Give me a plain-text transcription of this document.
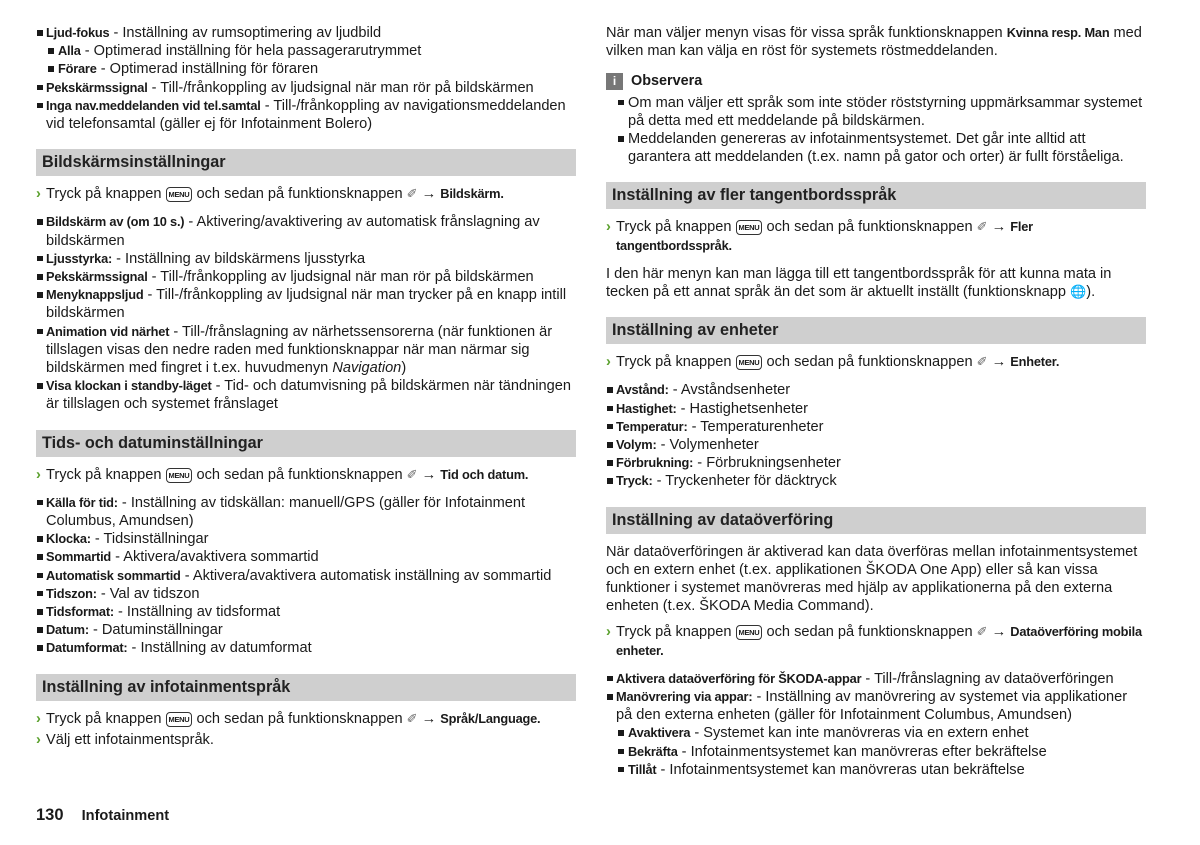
Ljud-fokus - Inställning av rumsoptimering av ljudbild
Alla - Optimerad inställning för hela passagerarutrymmet
Förare - Optimerad inställning för föraren
Pekskärmssignal - Till-/frånkoppling av ljudsignal när man rör på bildskärmen
Inga nav.meddelanden vid tel.samtal - Till-/frånkoppling av navigationsmeddelanden vid telefonsamtal (gäller ej för Infotainment Bolero)
Bildskärmsinställningar
› Tryck på knappen MENU och sedan på funktionsknappen ✐ → Bildskärm.
Bildskärm av (om 10 s.) - Aktivering/avaktivering av automatisk frånslagning av bildskärmen
Ljusstyrka: - Inställning av bildskärmens ljusstyrka
Pekskärmssignal - Till-/frånkoppling av ljudsignal när man rör på bildskärmen
Menyknappsljud - Till-/frånkoppling av ljudsignal när man trycker på en knapp intill bildskärmen
Animation vid närhet - Till-/frånslagning av närhetssensorerna (när funktionen är tillslagen visas den nedre raden med funktionsknappar när man närmar sig bildskärmen med fingret i t.ex. huvudmenyn Navigation)
Visa klockan i standby-läget - Tid- och datumvisning på bildskärmen när tändningen är tillslagen och systemet frånslaget
Tids- och datuminställningar
› Tryck på knappen MENU och sedan på funktionsknappen ✐ → Tid och datum.
Källa för tid: - Inställning av tidskällan: manuell/GPS (gäller för Infotainment Columbus, Amundsen)
Klocka: - Tidsinställningar
Sommartid - Aktivera/avaktivera sommartid
Automatisk sommartid - Aktivera/avaktivera automatisk inställning av sommartid
Tidszon: - Val av tidszon
Tidsformat: - Inställning av tidsformat
Datum: - Datuminställningar
Datumformat: - Inställning av datumformat
Inställning av infotainmentspråk
› Tryck på knappen MENU och sedan på funktionsknappen ✐ → Språk/Language.
› Välj ett infotainmentspråk.
När man väljer menyn visas för vissa språk funktionsknappen Kvinna resp. Man med vilken man kan välja en röst för systemets röstmeddelanden.
i	Observera
Om man väljer ett språk som inte stöder röststyrning uppmärksammar systemet på detta med ett meddelande på bildskärmen.
Meddelanden genereras av infotainmentsystemet. Det går inte alltid att garantera att meddelanden (t.ex. namn på gator och orter) är fullt förståeliga.
Inställning av fler tangentbordsspråk
› Tryck på knappen MENU och sedan på funktionsknappen ✐ → Fler tangentbordsspråk.
I den här menyn kan man lägga till ett tangentbordsspråk för att kunna mata in tecken på ett annat språk än det som är aktuellt inställt (funktionsknapp 🌐).
Inställning av enheter
› Tryck på knappen MENU och sedan på funktionsknappen ✐ → Enheter.
Avstånd: - Avståndsenheter
Hastighet: - Hastighetsenheter
Temperatur: - Temperaturenheter
Volym: - Volymenheter
Förbrukning: - Förbrukningsenheter
Tryck: - Tryckenheter för däcktryck
Inställning av dataöverföring
När dataöverföringen är aktiverad kan data överföras mellan infotainmentsystemet och en extern enhet (t.ex. applikationen ŠKODA One App) eller så kan vissa funktioner i systemet manövreras med hjälp av applikationerna på den externa enheten (t.ex. ŠKODA Media Command).
› Tryck på knappen MENU och sedan på funktionsknappen ✐ → Dataöverföring mobila enheter.
Aktivera dataöverföring för ŠKODA-appar - Till-/frånslagning av dataöverföringen
Manövrering via appar: - Inställning av manövrering av systemet via applikationer på den externa enheten (gäller för Infotainment Columbus, Amundsen)
Avaktivera - Systemet kan inte manövreras via en extern enhet
Bekräfta - Infotainmentsystemet kan manövreras efter bekräftelse
Tillåt - Infotainmentsystemet kan manövreras utan bekräftelse
130 Infotainment
